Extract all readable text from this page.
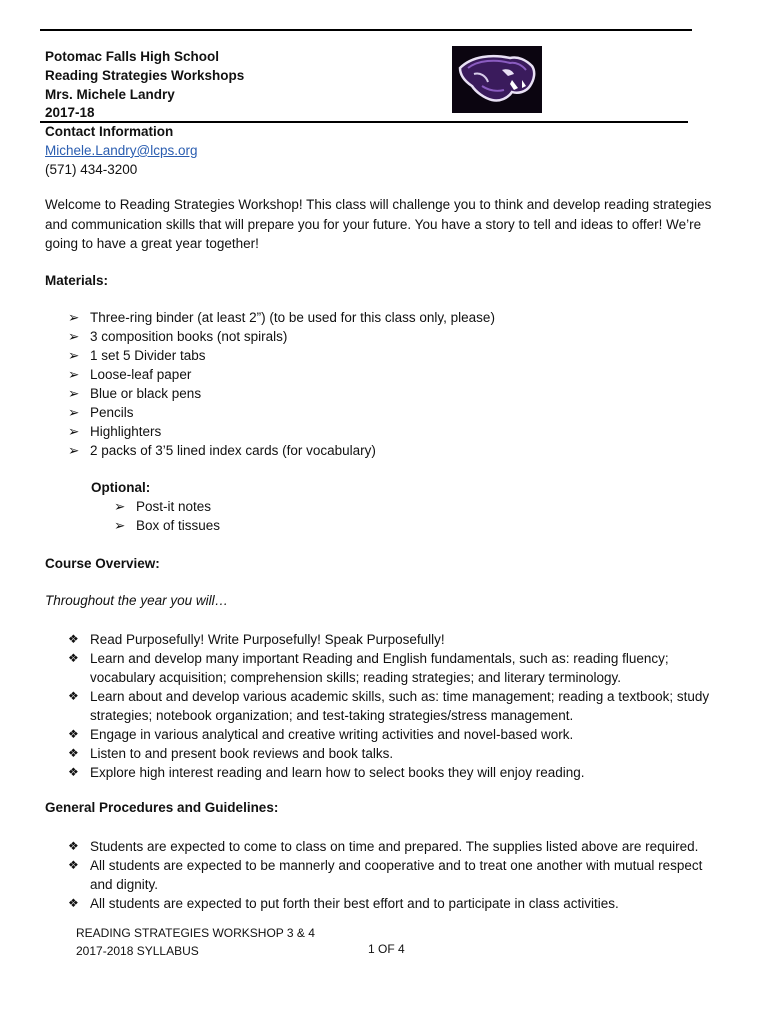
Potomac Falls High School
Reading Strategies Workshops
Mrs. Michele Landry
2017-18
Contact Information
Michele.Landry@lcps.org
(571) 434-3200
Welcome to Reading Strategies Workshop! This class will challenge you to think and develop reading strategies and communication skills that will prepare you for your future. You have a story to tell and ideas to offer! We’re going to have a great year together!
Materials:
➢ Three-ring binder (at least 2”) (to be used for this class only, please)
➢ 3 composition books (not spirals)
➢ 1 set 5 Divider tabs
➢ Loose-leaf paper
➢ Blue or black pens
➢ Pencils
➢ Highlighters
➢ 2 packs of 3’5 lined index cards (for vocabulary)
Optional:
➢ Post-it notes
➢ Box of tissues
Course Overview:
Throughout the year you will…
❖ Read Purposefully! Write Purposefully! Speak Purposefully!
❖ Learn and develop many important Reading and English fundamentals, such as: reading fluency; vocabulary acquisition; comprehension skills; reading strategies; and literary terminology.
❖ Learn about and develop various academic skills, such as: time management; reading a textbook; study strategies; notebook organization; and test-taking strategies/stress management.
❖ Engage in various analytical and creative writing activities and novel-based work.
❖ Listen to and present book reviews and book talks.
❖ Explore high interest reading and learn how to select books they will enjoy reading.
General Procedures and Guidelines:
❖ Students are expected to come to class on time and prepared. The supplies listed above are required.
❖ All students are expected to be mannerly and cooperative and to treat one another with mutual respect and dignity.
❖ All students are expected to put forth their best effort and to participate in class activities.
READING STRATEGIES WORKSHOP 3 & 4
2017-2018 SYLLABUS	1 OF 4
